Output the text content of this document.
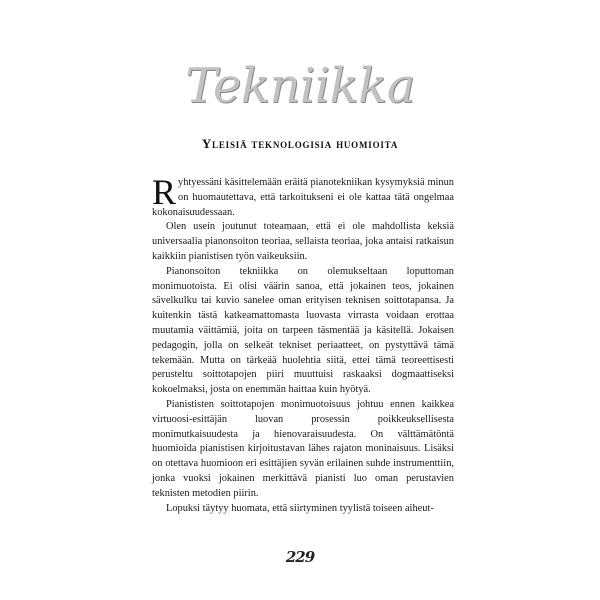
Tekniikka
Yleisiä teknologisia huomioita

Ryhtyessäni käsittelemään eräitä pianotekniikan kysymyksiä minun on huomautettava, että tarkoitukseni ei ole kattaa tätä ongelmaa kokonaisuudessaan.

Olen usein joutunut toteamaan, että ei ole mahdollista keksiä universaalia pianonsoiton teoriaa, sellaista teoriaa, joka antaisi ratkaisun kaikkiin pianistisen työn vaikeuksiin.

Pianonsoiton tekniikka on olemukseltaan loputtoman monimuotoista. Ei olisi väärin sanoa, että jokainen teos, jokainen sävelkulku tai kuvio sanelee oman erityisen teknisen soittotapansa. Ja kuitenkin tästä katkeamattomasta luovasta virrasta voidaan erottaa muutamia väittämiä, joita on tarpeen täsmentää ja käsitellä. Jokaisen pedagogin, jolla on selkeät tekniset periaatteet, on pystyttävä tämä tekemään. Mutta on tärkeää huolehtia siitä, ettei tämä teoreettisesti perusteltu soittotapojen piiri muuttuisi raskaaksi dogmaattiseksi kokoelmaksi, josta on enemmän haittaa kuin hyötyä.

Pianististen soittotapojen monimuotoisuus johtuu ennen kaikkea virtuoosi-esittäjän luovan prosessin poikkeuksellisesta monimutkaisuudesta ja hienovaraisuudesta. On välttämätöntä huomioida pianistisen kirjoitustavan lähes rajaton moninaisuus. Lisäksi on otettava huomioon eri esittäjien syvän erilainen suhde instrumenttiin, jonka vuoksi jokainen merkittävä pianisti luo oman perustavien teknisten metodien piirin.

Lopuksi täytyy huomata, että siirtyminen tyylistä toiseen aiheut-

229
